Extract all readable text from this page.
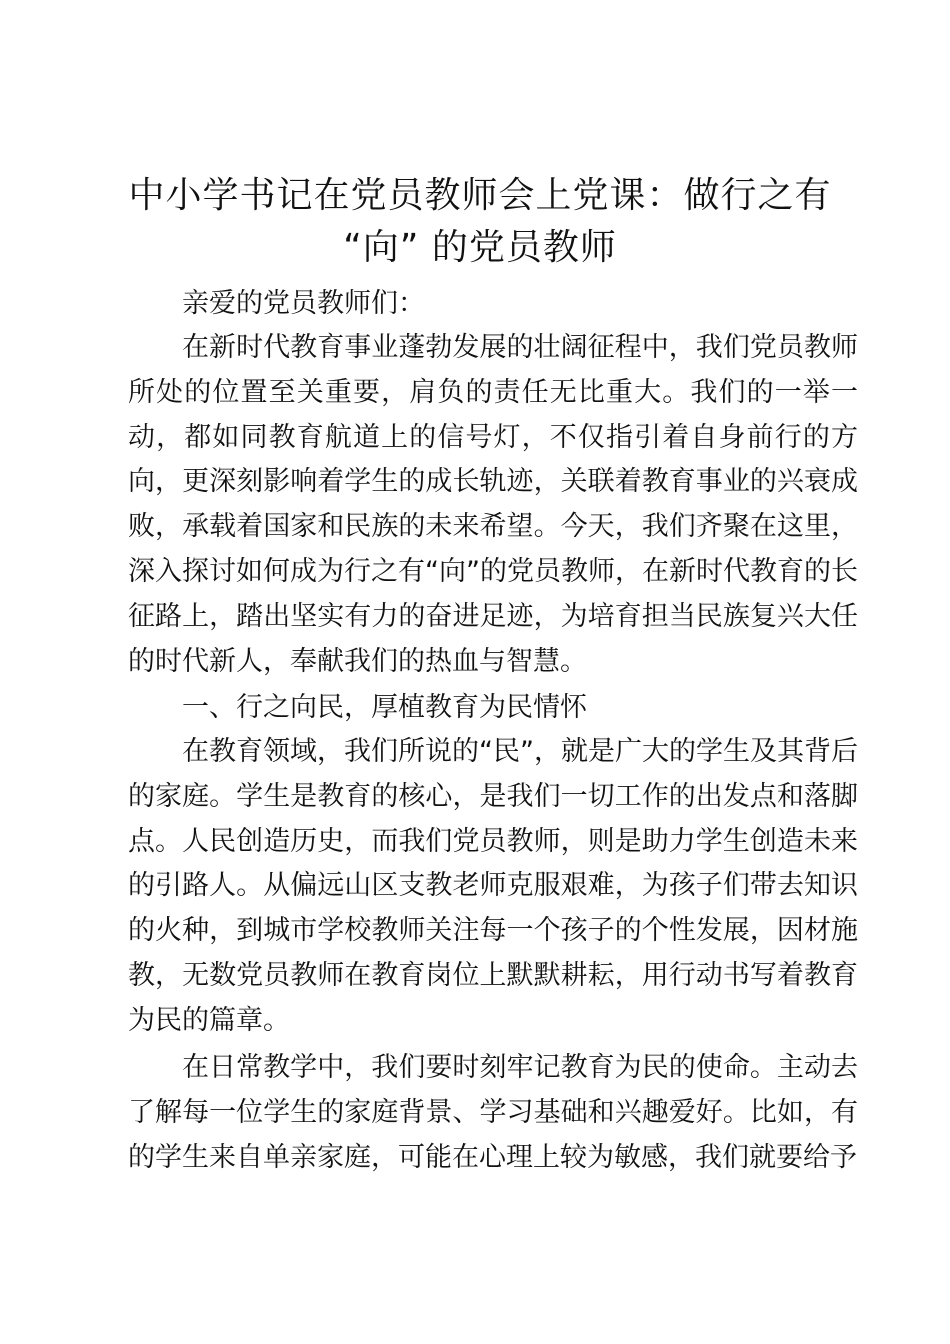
中小学书记在党员教师会上党课：做行之有
“向” 的党员教师

亲爱的党员教师们：

在新时代教育事业蓬勃发展的壮阔征程中，我们党员教师所处的位置至关重要，肩负的责任无比重大。我们的一举一动，都如同教育航道上的信号灯，不仅指引着自身前行的方向，更深刻影响着学生的成长轨迹，关联着教育事业的兴衰成败，承载着国家和民族的未来希望。今天，我们齐聚在这里，深入探讨如何成为行之有“向”的党员教师，在新时代教育的长征路上，踏出坚实有力的奋进足迹，为培育担当民族复兴大任的时代新人，奉献我们的热血与智慧。

一、行之向民，厚植教育为民情怀

在教育领域，我们所说的“民”，就是广大的学生及其背后的家庭。学生是教育的核心，是我们一切工作的出发点和落脚点。人民创造历史，而我们党员教师，则是助力学生创造未来的引路人。从偏远山区支教老师克服艰难，为孩子们带去知识的火种，到城市学校教师关注每一个孩子的个性发展，因材施教，无数党员教师在教育岗位上默默耕耘，用行动书写着教育为民的篇章。

在日常教学中，我们要时刻牢记教育为民的使命。主动去了解每一位学生的家庭背景、学习基础和兴趣爱好。比如，有的学生来自单亲家庭，可能在心理上较为敏感，我们就要给予
